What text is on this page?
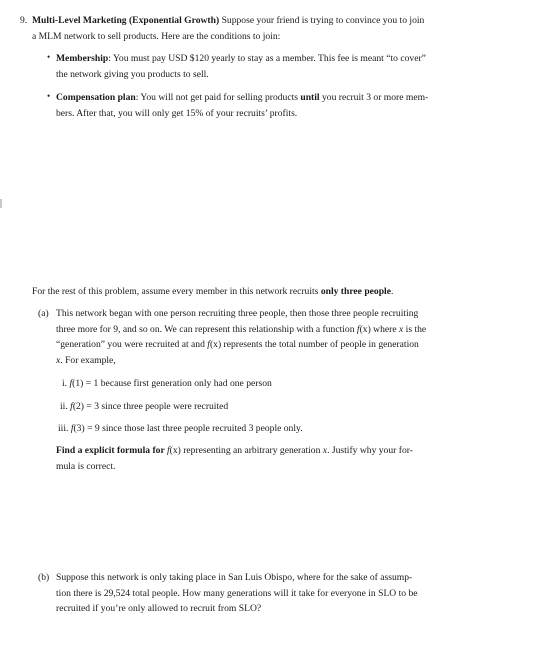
9. Multi-Level Marketing (Exponential Growth) Suppose your friend is trying to convince you to join
a MLM network to sell products. Here are the conditions to join:
• Membership: You must pay USD $120 yearly to stay as a member. This fee is meant “to cover”
the network giving you products to sell.
• Compensation plan: You will not get paid for selling products until you recruit 3 or more mem-
bers. After that, you will only get 15% of your recruits’ profits.
For the rest of this problem, assume every member in this network recruits only three people.
(a) This network began with one person recruiting three people, then those three people recruiting
three more for 9, and so on. We can represent this relationship with a function f(x) where x is the
“generation” you were recruited at and f(x) represents the total number of people in generation
x. For example,
i. f(1) = 1 because first generation only had one person
ii. f(2) = 3 since three people were recruited
iii. f(3) = 9 since those last three people recruited 3 people only.
Find a explicit formula for f(x) representing an arbitrary generation x. Justify why your for-
mula is correct.
(b) Suppose this network is only taking place in San Luis Obispo, where for the sake of assump-
tion there is 29,524 total people. How many generations will it take for everyone in SLO to be
recruited if you’re only allowed to recruit from SLO?
